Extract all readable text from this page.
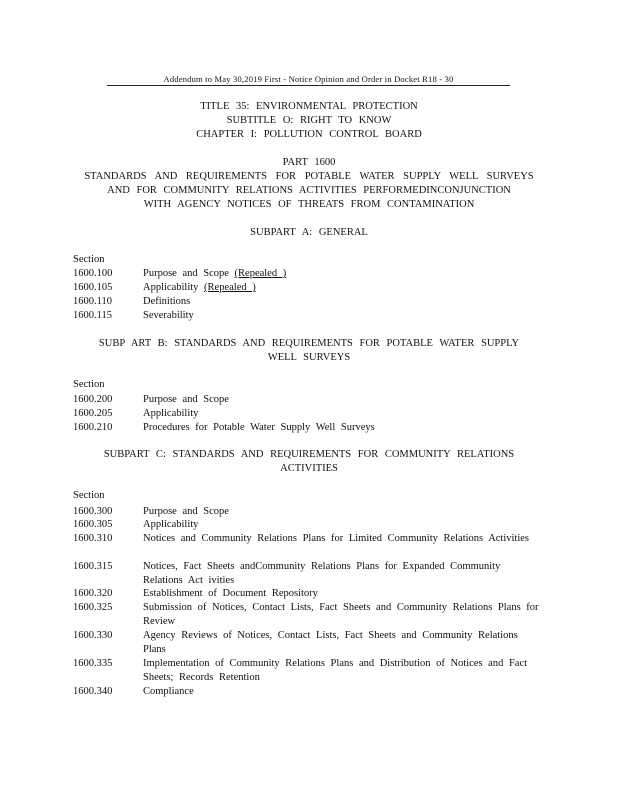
Addendum to May 30,2019 First - Notice Opinion and Order in Docket R18 - 30
TITLE 35: ENVIRONMENTAL PROTECTION
SUBTITLE O: RIGHT TO KNOW
CHAPTER I: POLLUTION CONTROL BOARD
PART 1600
STANDARDS AND REQUIREMENTS FOR POTABLE WATER SUPPLY WELL SURVEYS
AND FOR COMMUNITY RELATIONS ACTIVITIES PERFORMEDINCONJUNCTION
WITH AGENCY NOTICES OF THREATS FROM CONTAMINATION
SUBPART A: GENERAL
Section
1600.100	Purpose and Scope (Repealed )
1600.105	Applicability (Repealed )
1600.110	Definitions
1600.115	Severability
SUBP ART B: STANDARDS AND REQUIREMENTS FOR POTABLE WATER SUPPLY
WELL SURVEYS
Section
1600.200	Purpose and Scope
1600.205	Applicability
1600.210	Procedures for Potable Water Supply Well Surveys
SUBPART C: STANDARDS AND REQUIREMENTS FOR COMMUNITY RELATIONS
ACTIVITIES
Section
1600.300	Purpose and Scope
1600.305	Applicability
1600.310	Notices and Community Relations Plans for Limited Community Relations Activities
1600.315	Notices, Fact Sheets andCommunity Relations Plans for Expanded Community Relations Act ivities
1600.320	Establishment of Document Repository
1600.325	Submission of Notices, Contact Lists, Fact Sheets and Community Relations Plans for Review
1600.330	Agency Reviews of Notices, Contact Lists, Fact Sheets and Community Relations Plans
1600.335	Implementation of Community Relations Plans and Distribution of Notices and Fact Sheets; Records Retention
1600.340	Compliance
